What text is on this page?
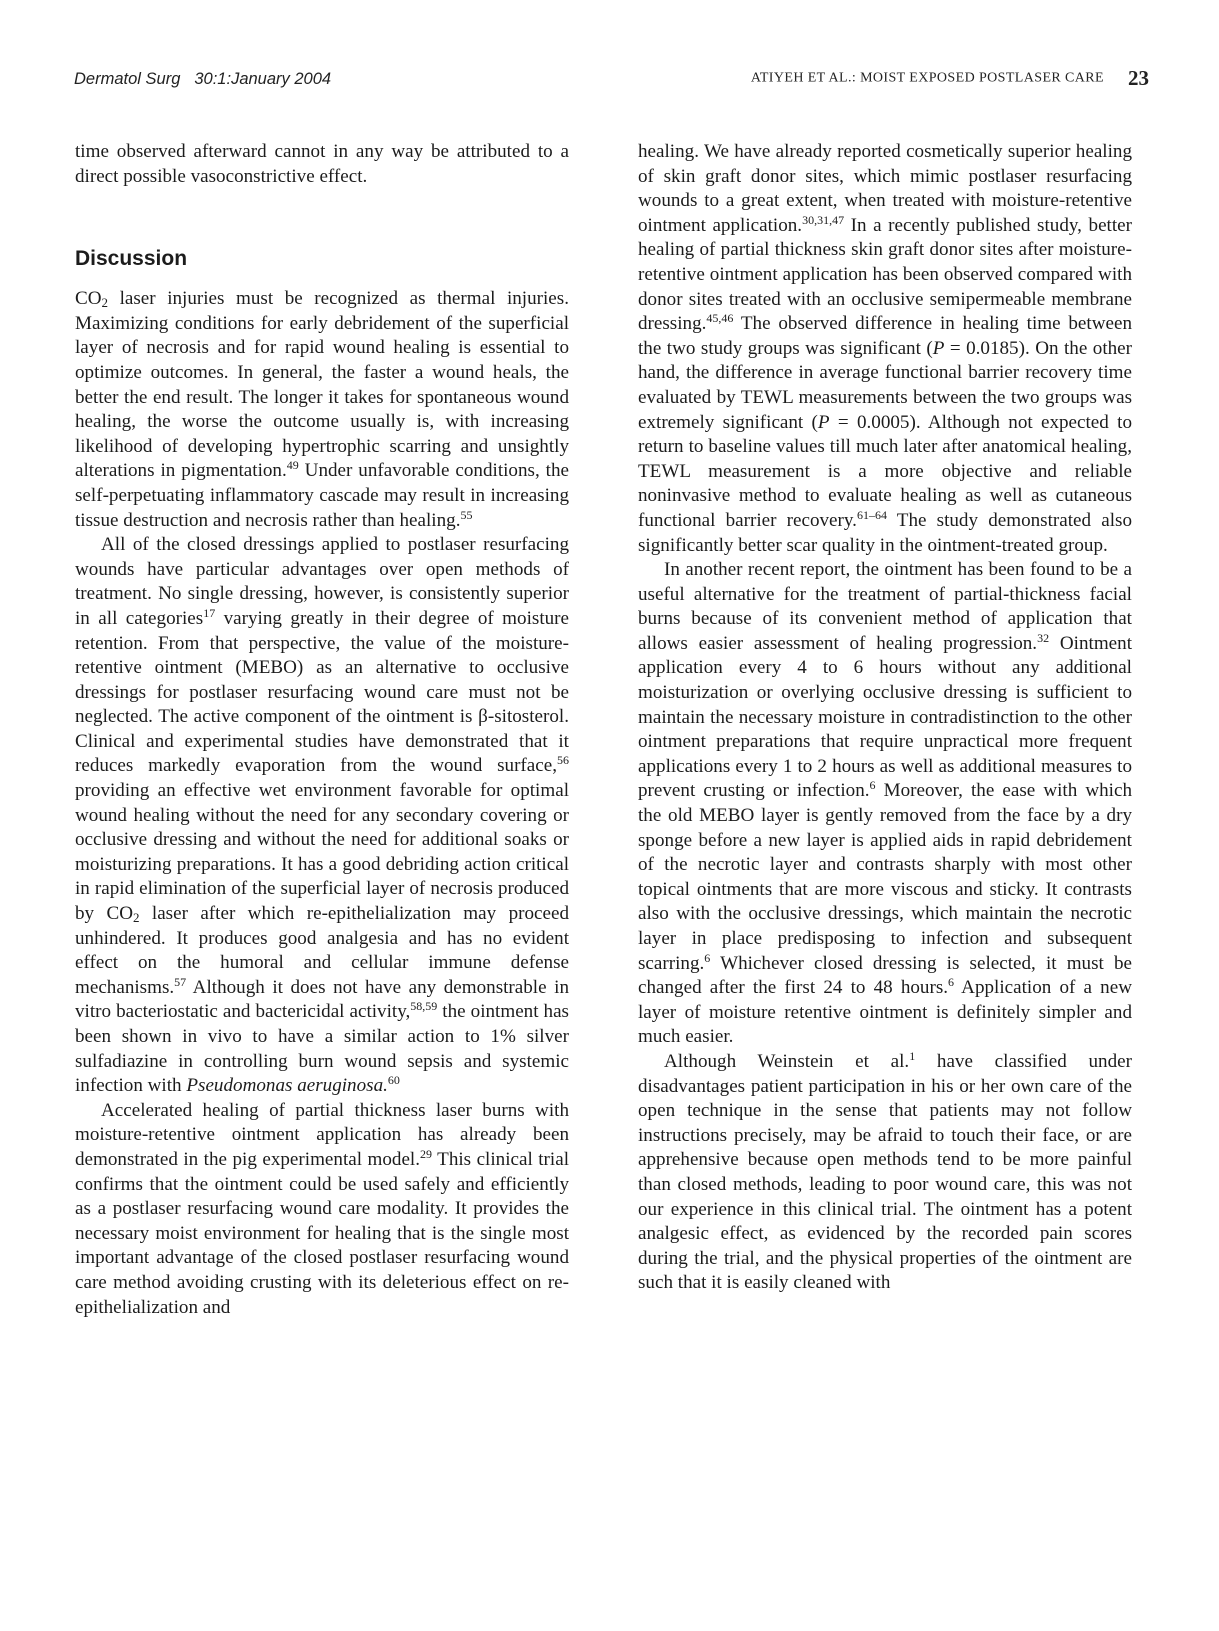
Dermatol Surg 30:1:January 2004	ATIYEH ET AL.: MOIST EXPOSED POSTLASER CARE 23

time observed afterward cannot in any way be attributed to a direct possible vasoconstrictive effect.

Discussion

$CO_2$ laser injuries must be recognized as thermal injuries. Maximizing conditions for early debridement of the superficial layer of necrosis and for rapid wound healing is essential to optimize outcomes. In general, the faster a wound heals, the better the end result. The longer it takes for spontaneous wound healing, the worse the outcome usually is, with increasing likelihood of developing hypertrophic scarring and unsightly alterations in pigmentation.$^{49}$ Under unfavorable conditions, the self-perpetuating inflammatory cascade may result in increasing tissue destruction and necrosis rather than healing.$^{55}$

All of the closed dressings applied to postlaser resurfacing wounds have particular advantages over open methods of treatment. No single dressing, however, is consistently superior in all categories$^{17}$ varying greatly in their degree of moisture retention. From that perspective, the value of the moisture-retentive ointment (MEBO) as an alternative to occlusive dressings for postlaser resurfacing wound care must not be neglected. The active component of the ointment is β-sitosterol. Clinical and experimental studies have demonstrated that it reduces markedly evaporation from the wound surface,$^{56}$ providing an effective wet environment favorable for optimal wound healing without the need for any secondary covering or occlusive dressing and without the need for additional soaks or moisturizing preparations. It has a good debriding action critical in rapid elimination of the superficial layer of necrosis produced by $CO_2$ laser after which re-epithelialization may proceed unhindered. It produces good analgesia and has no evident effect on the humoral and cellular immune defense mechanisms.$^{57}$ Although it does not have any demonstrable in vitro bacteriostatic and bactericidal activity,$^{58,59}$ the ointment has been shown in vivo to have a similar action to 1% silver sulfadiazine in controlling burn wound sepsis and systemic infection with Pseudomonas aeruginosa.$^{60}$

Accelerated healing of partial thickness laser burns with moisture-retentive ointment application has already been demonstrated in the pig experimental model.$^{29}$ This clinical trial confirms that the ointment could be used safely and efficiently as a postlaser resurfacing wound care modality. It provides the necessary moist environment for healing that is the single most important advantage of the closed postlaser resurfacing wound care method avoiding crusting with its deleterious effect on re-epithelialization and

healing. We have already reported cosmetically superior healing of skin graft donor sites, which mimic postlaser resurfacing wounds to a great extent, when treated with moisture-retentive ointment application.$^{30,31,47}$ In a recently published study, better healing of partial thickness skin graft donor sites after moisture-retentive ointment application has been observed compared with donor sites treated with an occlusive semipermeable membrane dressing.$^{45,46}$ The observed difference in healing time between the two study groups was significant (P = 0.0185). On the other hand, the difference in average functional barrier recovery time evaluated by TEWL measurements between the two groups was extremely significant (P = 0.0005). Although not expected to return to baseline values till much later after anatomical healing, TEWL measurement is a more objective and reliable noninvasive method to evaluate healing as well as cutaneous functional barrier recovery.$^{61-64}$ The study demonstrated also significantly better scar quality in the ointment-treated group.

In another recent report, the ointment has been found to be a useful alternative for the treatment of partial-thickness facial burns because of its convenient method of application that allows easier assessment of healing progression.$^{32}$ Ointment application every 4 to 6 hours without any additional moisturization or overlying occlusive dressing is sufficient to maintain the necessary moisture in contradistinction to the other ointment preparations that require unpractical more frequent applications every 1 to 2 hours as well as additional measures to prevent crusting or infection.$^6$ Moreover, the ease with which the old MEBO layer is gently removed from the face by a dry sponge before a new layer is applied aids in rapid debridement of the necrotic layer and contrasts sharply with most other topical ointments that are more viscous and sticky. It contrasts also with the occlusive dressings, which maintain the necrotic layer in place predisposing to infection and subsequent scarring.$^6$ Whichever closed dressing is selected, it must be changed after the first 24 to 48 hours.$^6$ Application of a new layer of moisture retentive ointment is definitely simpler and much easier.

Although Weinstein et al.$^1$ have classified under disadvantages patient participation in his or her own care of the open technique in the sense that patients may not follow instructions precisely, may be afraid to touch their face, or are apprehensive because open methods tend to be more painful than closed methods, leading to poor wound care, this was not our experience in this clinical trial. The ointment has a potent analgesic effect, as evidenced by the recorded pain scores during the trial, and the physical properties of the ointment are such that it is easily cleaned with
